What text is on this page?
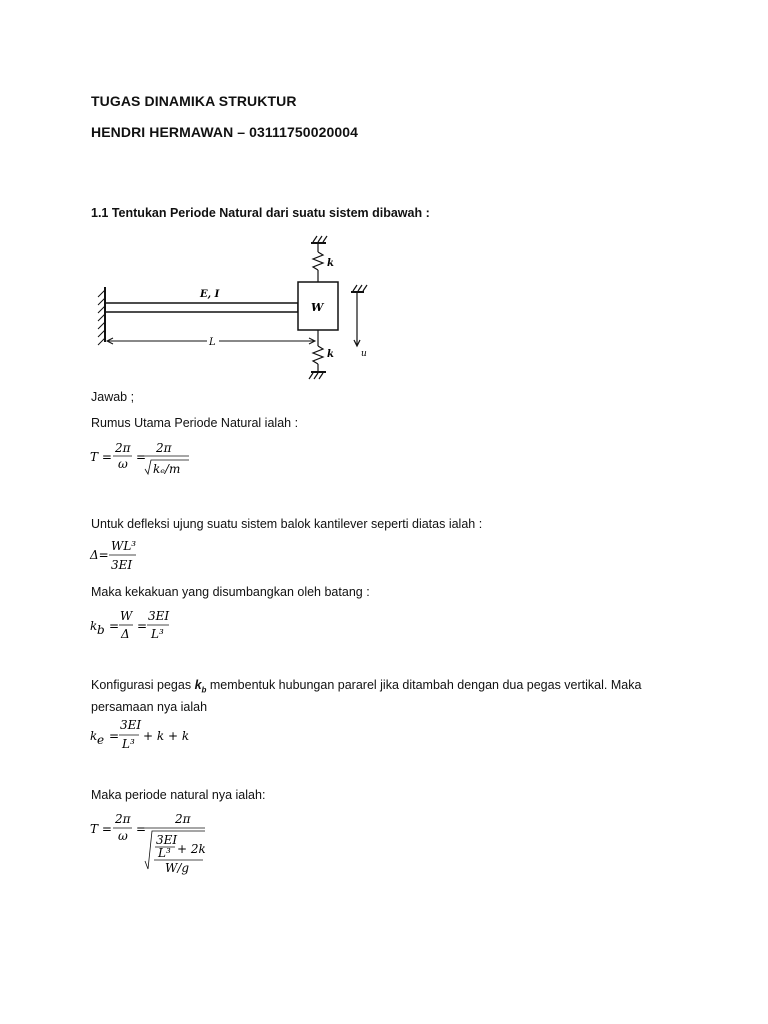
TUGAS DINAMIKA STRUKTUR
HENDRI HERMAWAN – 03111750020004
1.1 Tentukan Periode Natural dari suatu sistem dibawah :
E, I
W
k
k
L
u
Jawab ;
Rumus Utama Periode Natural ialah :
T =
2π
ω =
2π
kₑ/m
Untuk defleksi ujung suatu sistem balok kantilever seperti diatas ialah :
Δ=
WL³
3EI
Maka kekakuan yang disumbangkan oleh batang :
k b =
W
Δ
=
3EI
L³
Konfigurasi pegas $k_b$ membentuk hubungan pararel jika ditambah dengan dua pegas vertikal. Maka
persamaan nya ialah
k e =
3EI
L³
+ k + k
Maka periode natural nya ialah:
T =
2π
ω =
2π
3EI
L³ + 2k
W/g
